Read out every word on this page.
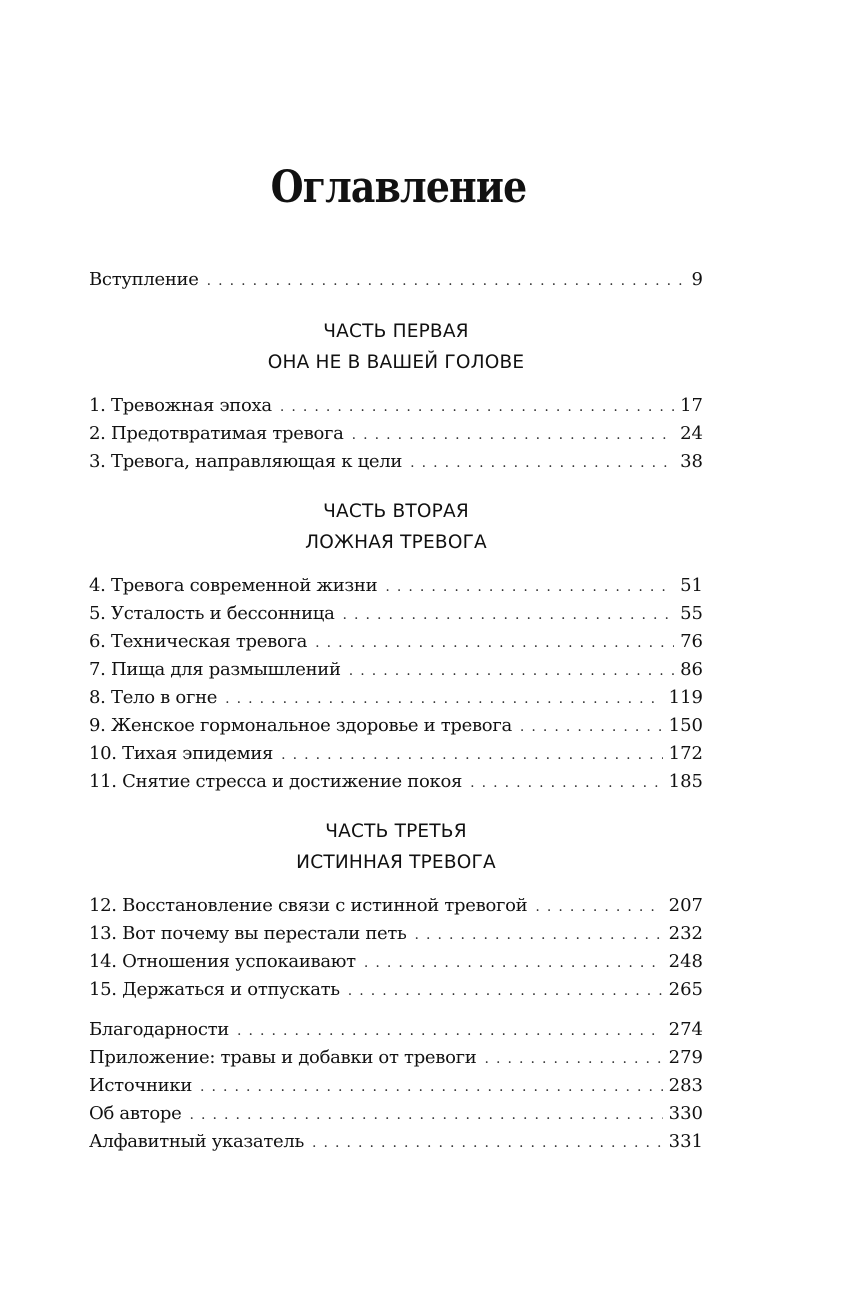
Оглавление
Вступление . . .	9
ЧАСТЬ ПЕРВАЯ
ОНА НЕ В ВАШЕЙ ГОЛОВЕ
1. Тревожная эпоха . . .	17
2. Предотвратимая тревога . . .	24
3. Тревога, направляющая к цели . . .	38
ЧАСТЬ ВТОРАЯ
ЛОЖНАЯ ТРЕВОГА
4. Тревога современной жизни . . .	51
5. Усталость и бессонница . . .	55
6. Техническая тревога . . .	76
7. Пища для размышлений . . .	86
8. Тело в огне . . .	119
9. Женское гормональное здоровье и тревога . . .	150
10. Тихая эпидемия . . .	172
11. Снятие стресса и достижение покоя . . .	185
ЧАСТЬ ТРЕТЬЯ
ИСТИННАЯ ТРЕВОГА
12. Восстановление связи с истинной тревогой . . .	207
13. Вот почему вы перестали петь . . .	232
14. Отношения успокаивают . . .	248
15. Держаться и отпускать . . .	265
Благодарности . . .	274
Приложение: травы и добавки от тревоги . . .	279
Источники . . .	283
Об авторе . . .	330
Алфавитный указатель . . .	331
